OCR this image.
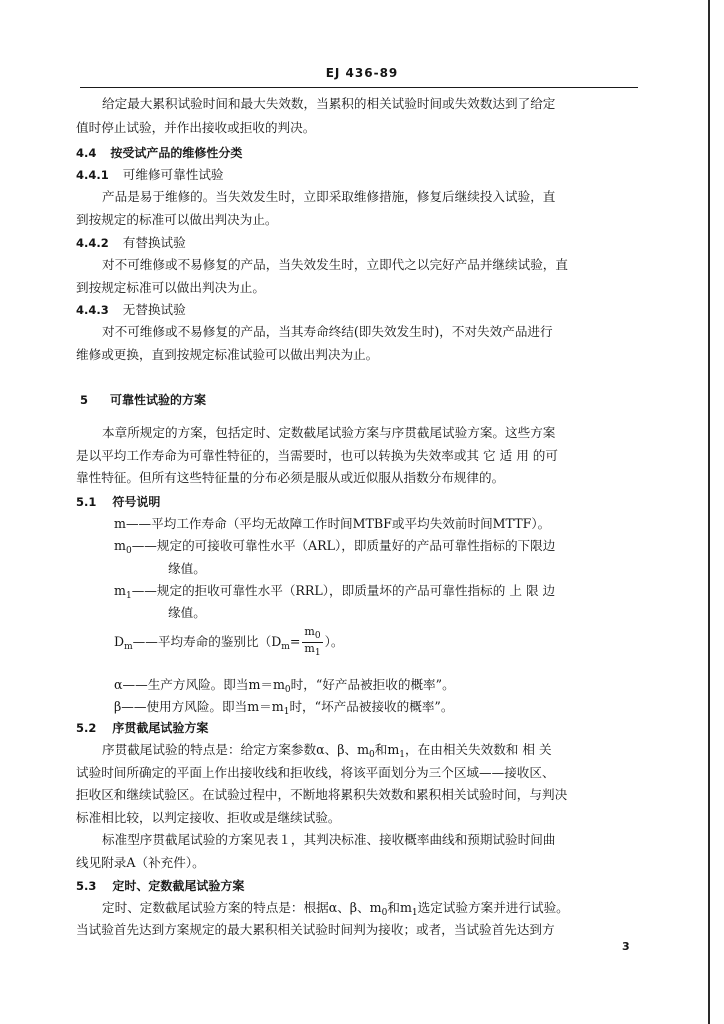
EJ 436-89
给定最大累积试验时间和最大失效数，当累积的相关试验时间或失效数达到了给定
值时停止试验，并作出接收或拒收的判决。
4.4 按受试产品的维修性分类
4.4.1 可维修可靠性试验
产品是易于维修的。当失效发生时，立即采取维修措施，修复后继续投入试验，直
到按规定的标准可以做出判决为止。
4.4.2 有替换试验
对不可维修或不易修复的产品，当失效发生时，立即代之以完好产品并继续试验，直
到按规定标准可以做出判决为止。
4.4.3 无替换试验
对不可维修或不易修复的产品，当其寿命终结(即失效发生时)，不对失效产品进行
维修或更换，直到按规定标准试验可以做出判决为止。
5 可靠性试验的方案
本章所规定的方案，包括定时、定数截尾试验方案与序贯截尾试验方案。这些方案
是以平均工作寿命为可靠性特征的，当需要时，也可以转换为失效率或其 它 适 用 的可
靠性特征。但所有这些特征量的分布必须是服从或近似服从指数分布规律的。
5.1 符号说明
m——平均工作寿命（平均无故障工作时间MTBF或平均失效前时间MTTF）。
$m_0——$规定的可接收可靠性水平（ARL），即质量好的产品可靠性指标的下限边
缘值。
$m_1——$规定的拒收可靠性水平（RRL），即质量坏的产品可靠性指标的 上 限 边
缘值。
$D_m——$平均寿命的鉴别比（$D_m= \frac{m_0}{m_1}$ ）。
α——生产方风险。即当$m=m_0$时，“好产品被拒收的概率”。
β——使用方风险。即当$m=m_1$时，“坏产品被接收的概率”。
5.2 序贯截尾试验方案
序贯截尾试验的特点是：给定方案参数α、β、$m_0$和$m_1$，在由相关失效数和 相 关
试验时间所确定的平面上作出接收线和拒收线，将该平面划分为三个区域——接收区、
拒收区和继续试验区。在试验过程中，不断地将累积失效数和累积相关试验时间，与判决
标准相比较，以判定接收、拒收或是继续试验。
标准型序贯截尾试验的方案见表１，其判决标准、接收概率曲线和预期试验时间曲
线见附录A（补充件）。
5.3 定时、定数截尾试验方案
定时、定数截尾试验方案的特点是：根据α、β、$m_0$和$m_1$选定试验方案并进行试验。
当试验首先达到方案规定的最大累积相关试验时间判为接收；或者，当试验首先达到方
3
